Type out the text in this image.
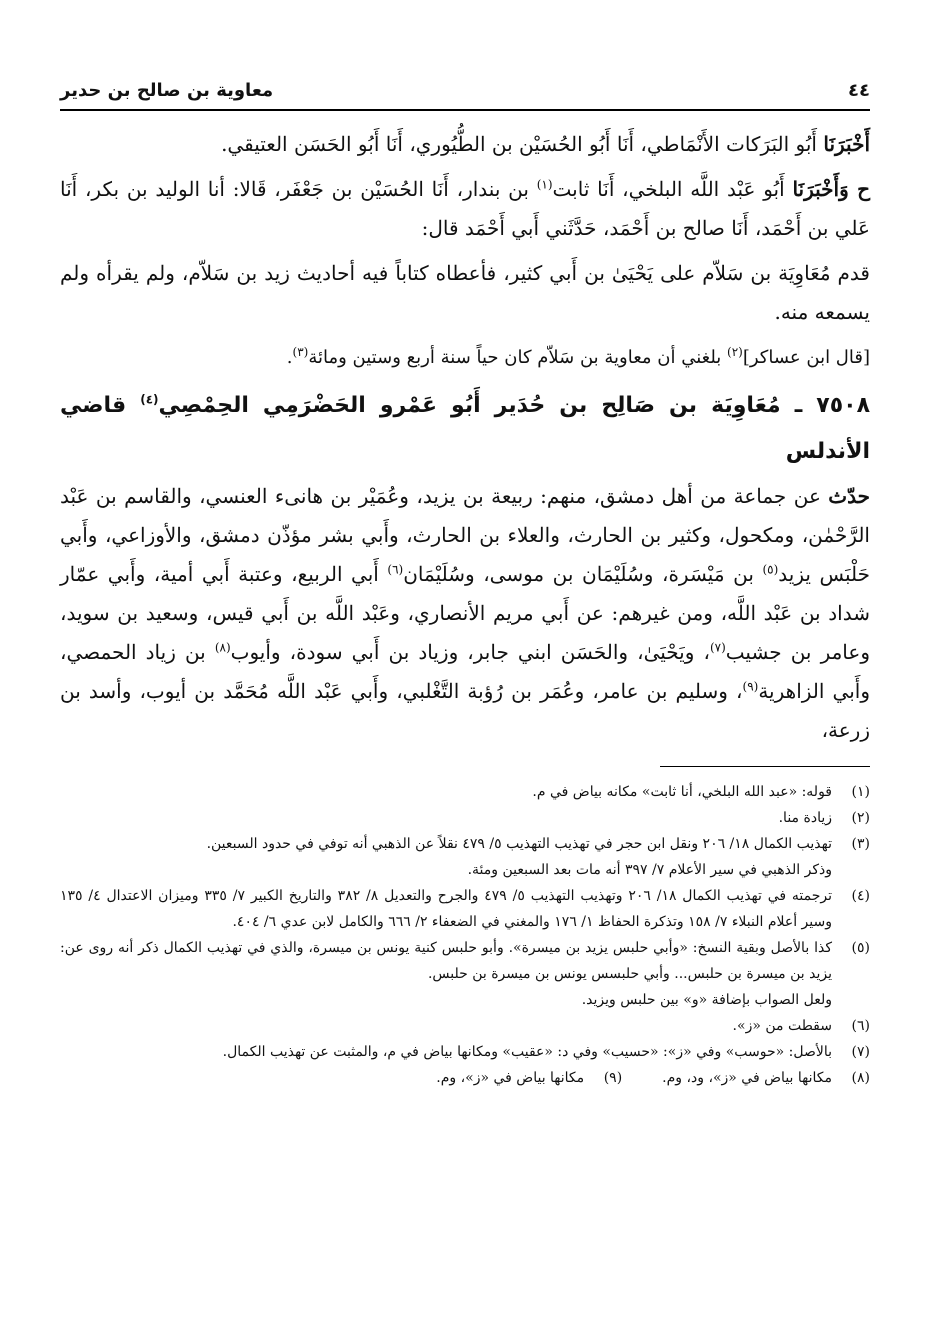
٤٤
معاوية بن صالح بن حدير

أَخْبَرَنَا أَبُو البَرَكات الأَنْمَاطي، أَنَا أَبُو الحُسَيْن بن الطُّيُوري، أَنَا أَبُو الحَسَن العتيقي.

ح وَأَخْبَرَنَا أَبُو عَبْد اللَّه البلخي، أَنَا ثابت$^{(١)}$ بن بندار، أَنَا الحُسَيْن بن جَعْفَر، قَالا: أنا الوليد بن بكر، أَنَا عَلي بن أَحْمَد، أَنَا صالح بن أَحْمَد، حَدَّثَني أَبي أَحْمَد قال:

قدم مُعَاوِيَة بن سَلاّم على يَحْيَىٰ بن أَبي كثير، فأعطاه كتاباً فيه أحاديث زيد بن سَلاّم، ولم يقرأه ولم يسمعه منه.

[قال ابن عساكر]$^{(٢)}$ بلغني أن معاوية بن سَلاّم كان حياً سنة أربع وستين ومائة$^{(٣)}$.

٧٥٠٨ ـ مُعَاوِيَة بن صَالِح بن حُدَير أَبُو عَمْرو الحَضْرَمِي الحِمْصِي$^{(٤)}$ قاضي الأندلس

حدّث عن جماعة من أهل دمشق، منهم: ربيعة بن يزيد، وعُمَيْر بن هانىء العنسي، والقاسم بن عَبْد الرَّحْمٰن، ومكحول، وكثير بن الحارث، والعلاء بن الحارث، وأَبي بشر مؤذّن دمشق، والأوزاعي، وأَبي حَلْبَس يزيد$^{(٥)}$ بن مَيْسَرة، وسُلَيْمَان بن موسى، وسُلَيْمَان$^{(٦)}$ أَبي الربيع، وعتبة أَبي أمية، وأَبي عمّار شداد بن عَبْد اللَّه، ومن غيرهم: عن أَبي مريم الأنصاري، وعَبْد اللَّه بن أَبي قيس، وسعيد بن سويد، وعامر بن جشيب$^{(٧)}$، ويَحْيَىٰ، والحَسَن ابني جابر، وزياد بن أَبي سودة، وأيوب$^{(٨)}$ بن زياد الحمصي، وأَبي الزاهرية$^{(٩)}$، وسليم بن عامر، وعُمَر بن رُؤبة التَّغْلبي، وأَبي عَبْد اللَّه مُحَمَّد بن أيوب، وأسد بن زرعة،

(١)
قوله: «عبد الله البلخي، أنا ثابت» مكانه بياض في م.

(٢)
زيادة منا.

(٣)
تهذيب الكمال ١٨/ ٢٠٦ ونقل ابن حجر في تهذيب التهذيب ٥/ ٤٧٩ نقلاً عن الذهبي أنه توفي في حدود السبعين.

وذكر الذهبي في سير الأعلام ٧/ ٣٩٧ أنه مات بعد السبعين ومئة.

(٤)
ترجمته في تهذيب الكمال ١٨/ ٢٠٦ وتهذيب التهذيب ٥/ ٤٧٩ والجرح والتعديل ٨/ ٣٨٢ والتاريخ الكبير ٧/ ٣٣٥ وميزان الاعتدال ٤/ ١٣٥ وسير أعلام النبلاء ٧/ ١٥٨ وتذكرة الحفاظ ١/ ١٧٦ والمغني في الضعفاء ٢/ ٦٦٦ والكامل لابن عدي ٦/ ٤٠٤.

(٥)
كذا بالأصل وبقية النسخ: «وأبي حلبس يزيد بن ميسرة». وأبو حلبس كنية يونس بن ميسرة، والذي في تهذيب الكمال ذكر أنه روى عن: يزيد بن ميسرة بن حلبس... وأبي حلبسس يونس بن ميسرة بن حلبس.

ولعل الصواب بإضافة «و» بين حلبس ويزيد.

(٦)
سقطت من «ز».

(٧)
بالأصل: «حوسب» وفي «ز»: «حسيب» وفي د: «عقيب» ومكانها بياض في م، والمثبت عن تهذيب الكمال.

(٨)
مكانها بياض في «ز»، ود، وم.

(٩)
مكانها بياض في «ز»، وم.
